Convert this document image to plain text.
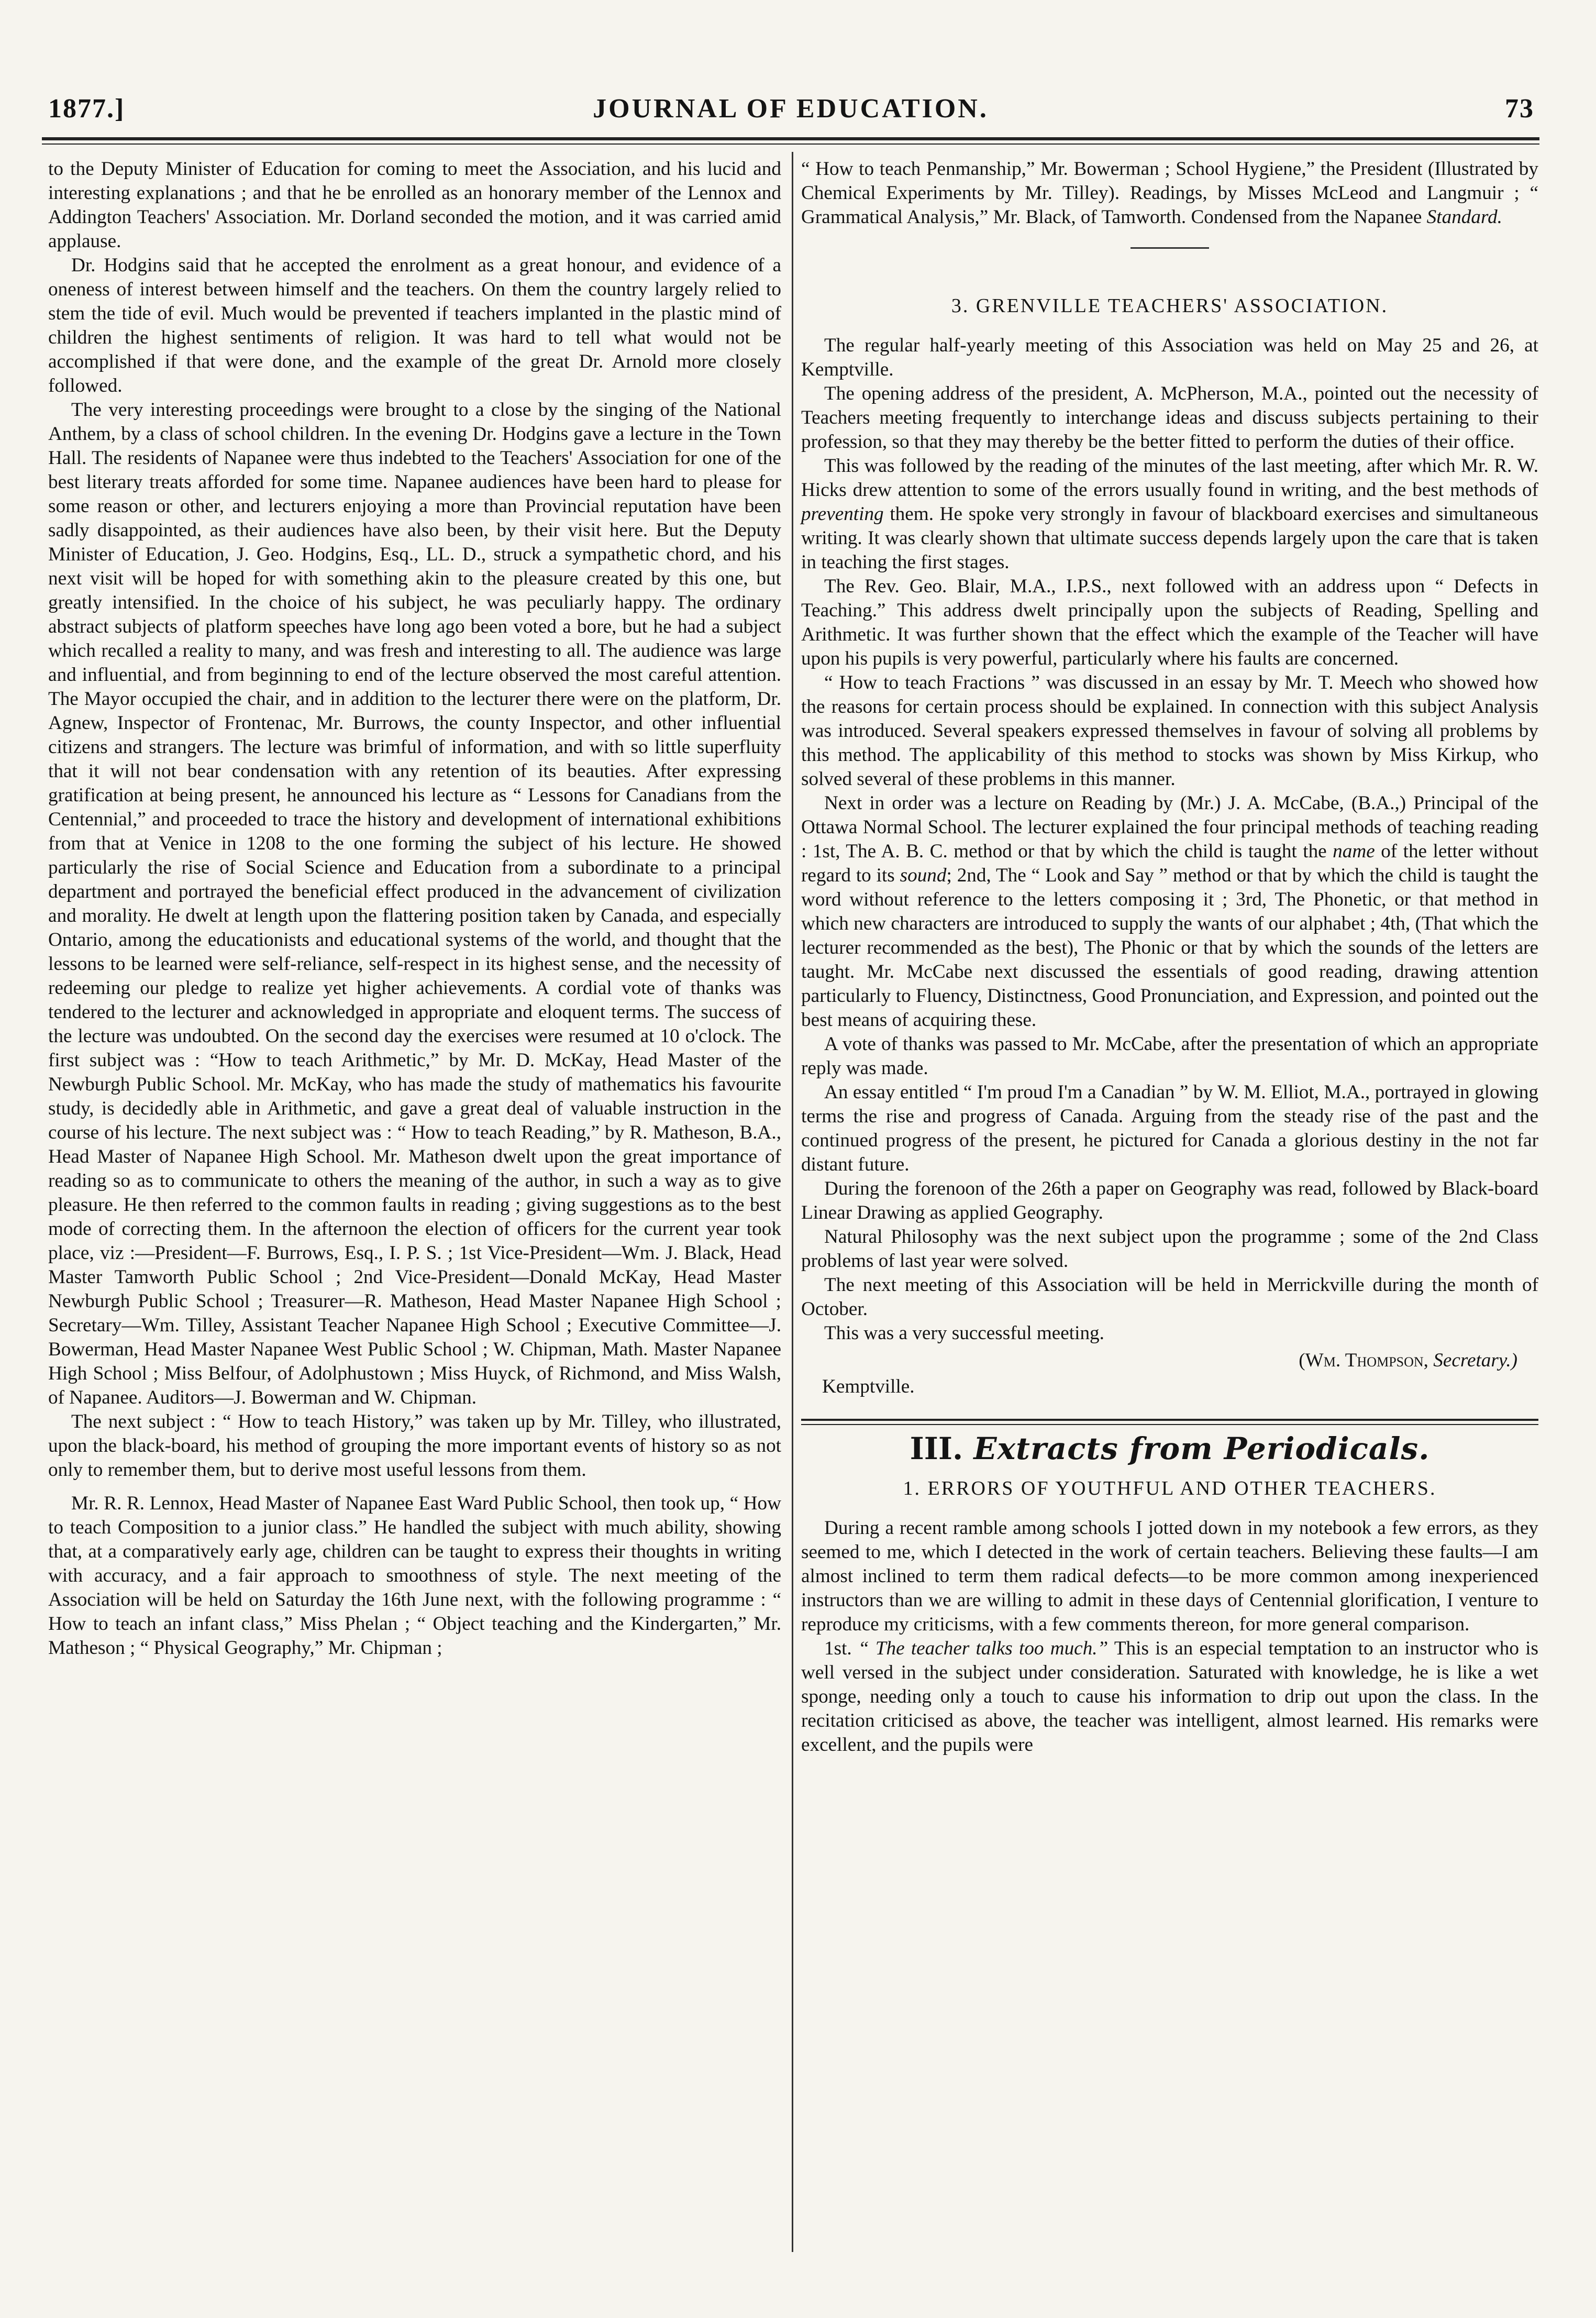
1877.]	JOURNAL OF EDUCATION.	73

to the Deputy Minister of Education for coming to meet the Association, and his lucid and interesting explanations ; and that he be enrolled as an honorary member of the Lennox and Addington Teachers' Association. Mr. Dorland seconded the motion, and it was carried amid applause.

Dr. Hodgins said that he accepted the enrolment as a great honour, and evidence of a oneness of interest between himself and the teachers. On them the country largely relied to stem the tide of evil. Much would be prevented if teachers implanted in the plastic mind of children the highest sentiments of religion. It was hard to tell what would not be accomplished if that were done, and the example of the great Dr. Arnold more closely followed.

The very interesting proceedings were brought to a close by the singing of the National Anthem, by a class of school children. In the evening Dr. Hodgins gave a lecture in the Town Hall. The residents of Napanee were thus indebted to the Teachers' Association for one of the best literary treats afforded for some time. Napanee audiences have been hard to please for some reason or other, and lecturers enjoying a more than Provincial reputation have been sadly disappointed, as their audiences have also been, by their visit here. But the Deputy Minister of Education, J. Geo. Hodgins, Esq., LL. D., struck a sympathetic chord, and his next visit will be hoped for with something akin to the pleasure created by this one, but greatly intensified. In the choice of his subject, he was peculiarly happy. The ordinary abstract subjects of platform speeches have long ago been voted a bore, but he had a subject which recalled a reality to many, and was fresh and interesting to all. The audience was large and influential, and from beginning to end of the lecture observed the most careful attention. The Mayor occupied the chair, and in addition to the lecturer there were on the platform, Dr. Agnew, Inspector of Frontenac, Mr. Burrows, the county Inspector, and other influential citizens and strangers. The lecture was brimful of information, and with so little superfluity that it will not bear condensation with any retention of its beauties. After expressing gratification at being present, he announced his lecture as “ Lessons for Canadians from the Centennial,” and proceeded to trace the history and development of international exhibitions from that at Venice in 1208 to the one forming the subject of his lecture. He showed particularly the rise of Social Science and Education from a subordinate to a principal department and portrayed the beneficial effect produced in the advancement of civilization and morality. He dwelt at length upon the flattering position taken by Canada, and especially Ontario, among the educationists and educational systems of the world, and thought that the lessons to be learned were self-reliance, self-respect in its highest sense, and the necessity of redeeming our pledge to realize yet higher achievements. A cordial vote of thanks was tendered to the lecturer and acknowledged in appropriate and eloquent terms. The success of the lecture was undoubted. On the second day the exercises were resumed at 10 o'clock. The first subject was : “How to teach Arithmetic,” by Mr. D. McKay, Head Master of the Newburgh Public School. Mr. McKay, who has made the study of mathematics his favourite study, is decidedly able in Arithmetic, and gave a great deal of valuable instruction in the course of his lecture. The next subject was : “ How to teach Reading,” by R. Matheson, B.A., Head Master of Napanee High School. Mr. Matheson dwelt upon the great importance of reading so as to communicate to others the meaning of the author, in such a way as to give pleasure. He then referred to the common faults in reading ; giving suggestions as to the best mode of correcting them. In the afternoon the election of officers for the current year took place, viz :—President—F. Burrows, Esq., I. P. S. ; 1st Vice-President—Wm. J. Black, Head Master Tamworth Public School ; 2nd Vice-President—Donald McKay, Head Master Newburgh Public School ; Treasurer—R. Matheson, Head Master Napanee High School ; Secretary—Wm. Tilley, Assistant Teacher Napanee High School ; Executive Committee—J. Bowerman, Head Master Napanee West Public School ; W. Chipman, Math. Master Napanee High School ; Miss Belfour, of Adolphustown ; Miss Huyck, of Richmond, and Miss Walsh, of Napanee. Auditors—J. Bowerman and W. Chipman.

The next subject : “ How to teach History,” was taken up by Mr. Tilley, who illustrated, upon the black-board, his method of grouping the more important events of history so as not only to remember them, but to derive most useful lessons from them.

Mr. R. R. Lennox, Head Master of Napanee East Ward Public School, then took up, “ How to teach Composition to a junior class.” He handled the subject with much ability, showing that, at a comparatively early age, children can be taught to express their thoughts in writing with accuracy, and a fair approach to smoothness of style. The next meeting of the Association will be held on Saturday the 16th June next, with the following programme : “ How to teach an infant class,” Miss Phelan ; “ Object teaching and the Kindergarten,” Mr. Matheson ; “ Physical Geography,” Mr. Chipman ;

“ How to teach Penmanship,” Mr. Bowerman ; School Hygiene,” the President (Illustrated by Chemical Experiments by Mr. Tilley). Readings, by Misses McLeod and Langmuir ; “ Grammatical Analysis,” Mr. Black, of Tamworth. Condensed from the Napanee Standard.

3. GRENVILLE TEACHERS' ASSOCIATION.

The regular half-yearly meeting of this Association was held on May 25 and 26, at Kemptville.

The opening address of the president, A. McPherson, M.A., pointed out the necessity of Teachers meeting frequently to interchange ideas and discuss subjects pertaining to their profession, so that they may thereby be the better fitted to perform the duties of their office.

This was followed by the reading of the minutes of the last meeting, after which Mr. R. W. Hicks drew attention to some of the errors usually found in writing, and the best methods of preventing them. He spoke very strongly in favour of blackboard exercises and simultaneous writing. It was clearly shown that ultimate success depends largely upon the care that is taken in teaching the first stages.

The Rev. Geo. Blair, M.A., I.P.S., next followed with an address upon “ Defects in Teaching.” This address dwelt principally upon the subjects of Reading, Spelling and Arithmetic. It was further shown that the effect which the example of the Teacher will have upon his pupils is very powerful, particularly where his faults are concerned.

“ How to teach Fractions ” was discussed in an essay by Mr. T. Meech who showed how the reasons for certain process should be explained. In connection with this subject Analysis was introduced. Several speakers expressed themselves in favour of solving all problems by this method. The applicability of this method to stocks was shown by Miss Kirkup, who solved several of these problems in this manner.

Next in order was a lecture on Reading by (Mr.) J. A. McCabe, (B.A.,) Principal of the Ottawa Normal School. The lecturer explained the four principal methods of teaching reading : 1st, The A. B. C. method or that by which the child is taught the name of the letter without regard to its sound; 2nd, The “ Look and Say ” method or that by which the child is taught the word without reference to the letters composing it ; 3rd, The Phonetic, or that method in which new characters are introduced to supply the wants of our alphabet ; 4th, (That which the lecturer recommended as the best), The Phonic or that by which the sounds of the letters are taught. Mr. McCabe next discussed the essentials of good reading, drawing attention particularly to Fluency, Distinctness, Good Pronunciation, and Expression, and pointed out the best means of acquiring these.

A vote of thanks was passed to Mr. McCabe, after the presentation of which an appropriate reply was made.

An essay entitled “ I'm proud I'm a Canadian ” by W. M. Elliot, M.A., portrayed in glowing terms the rise and progress of Canada. Arguing from the steady rise of the past and the continued progress of the present, he pictured for Canada a glorious destiny in the not far distant future.

During the forenoon of the 26th a paper on Geography was read, followed by Black-board Linear Drawing as applied Geography.

Natural Philosophy was the next subject upon the programme ; some of the 2nd Class problems of last year were solved.

The next meeting of this Association will be held in Merrickville during the month of October.

This was a very successful meeting.

(Wm. Thompson, Secretary.)
Kemptville.
III. Extracts from Periodicals.
1. ERRORS OF YOUTHFUL AND OTHER TEACHERS.

During a recent ramble among schools I jotted down in my notebook a few errors, as they seemed to me, which I detected in the work of certain teachers. Believing these faults—I am almost inclined to term them radical defects—to be more common among inexperienced instructors than we are willing to admit in these days of Centennial glorification, I venture to reproduce my criticisms, with a few comments thereon, for more general comparison.

1st. “ The teacher talks too much.” This is an especial temptation to an instructor who is well versed in the subject under consideration. Saturated with knowledge, he is like a wet sponge, needing only a touch to cause his information to drip out upon the class. In the recitation criticised as above, the teacher was intelligent, almost learned. His remarks were excellent, and the pupils were
